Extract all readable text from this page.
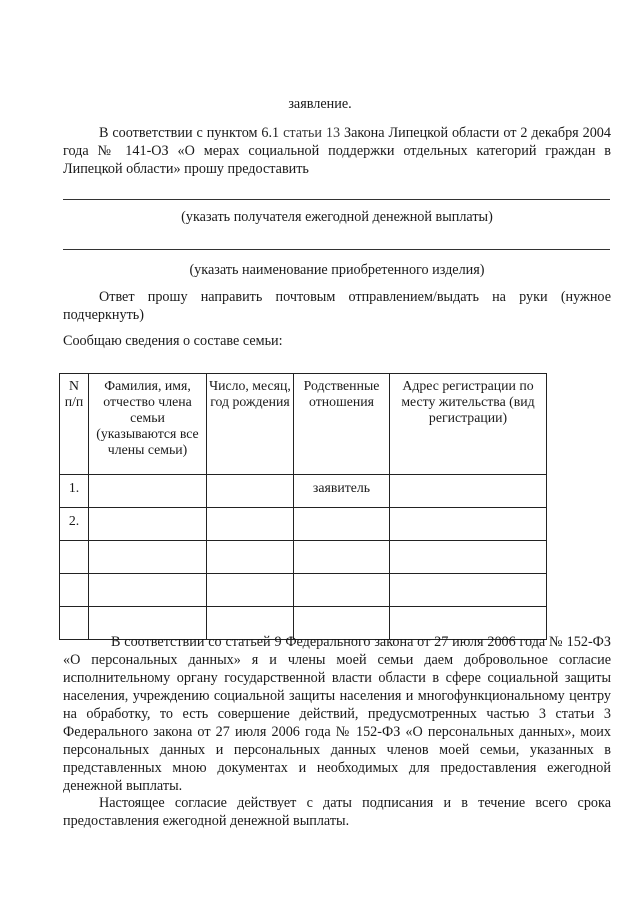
заявление.
В соответствии с пунктом 6.1 статьи 13 Закона Липецкой области от 2 декабря 2004 года № 141-ОЗ «О мерах социальной поддержки отдельных категорий граждан в Липецкой области» прошу предоставить
(указать получателя ежегодной денежной выплаты)
(указать наименование приобретенного изделия)
Ответ прошу направить почтовым отправлением/выдать на руки (нужное подчеркнуть)
Сообщаю сведения о составе семьи:
N п/п	Фамилия, имя, отчество члена семьи (указываются все члены семьи)	Число, месяц, год рождения	Родственные отношения	Адрес регистрации по месту жительства (вид регистрации)
1.			заявитель	
2.				

В соответствии со статьей 9 Федерального закона от 27 июля 2006 года № 152-ФЗ «О персональных данных» я и члены моей семьи даем добровольное согласие исполнительному органу государственной власти области в сфере социальной защиты населения, учреждению социальной защиты населения и многофункциональному центру на обработку, то есть совершение действий, предусмотренных частью 3 статьи 3 Федерального закона от 27 июля 2006 года № 152-ФЗ «О персональных данных», моих персональных данных и персональных данных членов моей семьи, указанных в представленных мною документах и необходимых для предоставления ежегодной денежной выплаты.
Настоящее согласие действует с даты подписания и в течение всего срока предоставления ежегодной денежной выплаты.
